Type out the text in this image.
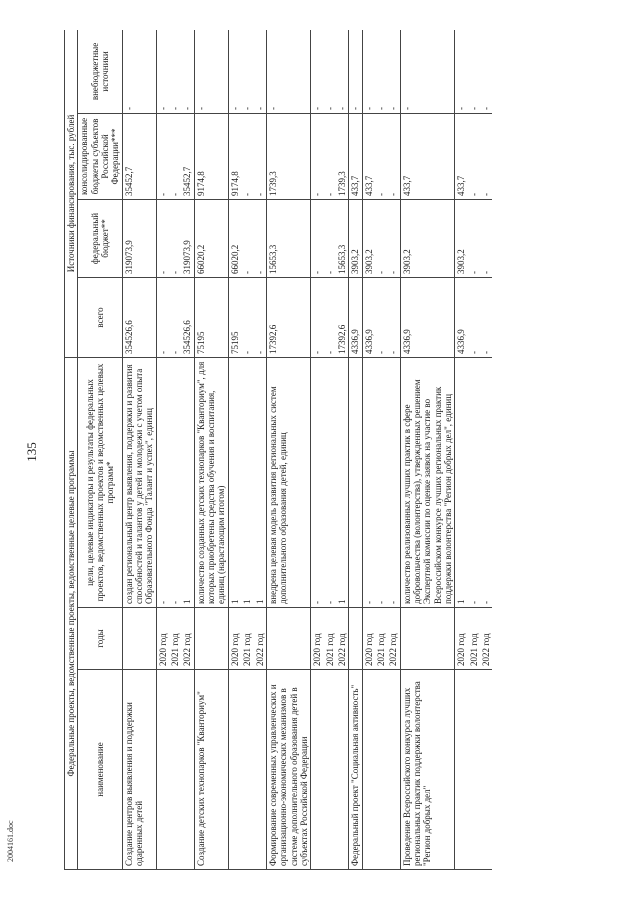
135
2004161.doc
Федеральные проекты, ведомственные проекты, ведомственные целевые программы			Источники финансирования, тыс. рублей			
наименование	годы	цели, целевые индикаторы и результаты федеральных проектов, ведомственных проектов и ведомственных целевых программ*	всего	федеральный бюджет**	консолидированные бюджеты субъектов Российской Федерации***	внебюджетные источники
Создание центров выявления и поддержки одаренных детей		создан региональный центр выявления, поддержки и развития способностей и талантов у детей и молодежи с учетом опыта Образовательного Фонда "Талант и успех", единиц	354526,6	319073,9	35452,7	-
	2020 год	-	-	-	-	-
	2021 год	-	-	-	-	-
	2022 год	1	354526,6	319073,9	35452,7	-
Создание детских технопарков "Кванториум"		количество созданных детских технопарков "Кванториум", для которых приобретены средства обучения и воспитания, единиц (нарастающим итогом)	75195	66020,2	9174,8	-
	2020 год	1	75195	66020,2	9174,8	-
	2021 год	1	-	-	-	-
	2022 год	1	-	-	-	-
Формирование современных управленческих и организационно-экономических механизмов в системе дополнительного образования детей в субъектах Российской Федерации		внедрена целевая модель развития региональных систем дополнительного образования детей, единиц	17392,6	15653,3	1739,3	-
	2020 год	-	-	-	-	-
	2021 год	-	-	-	-	-
	2022 год	1	17392,6	15653,3	1739,3	-
Федеральный проект "Социальная активность"			4336,9	3903,2	433,7	-
	2020 год	-	4336,9	3903,2	433,7	-
	2021 год	-	-	-	-	-
	2022 год	-	-	-	-	-
Проведение Всероссийского конкурса лучших региональных практик поддержки волонтерства "Регион добрых дел"		количество реализованных лучших практик в сфере добровольчества (волонтерства), утвержденных решением Экспертной комиссии по оценке заявок на участие во Всероссийском конкурсе лучших региональных практик поддержки волонтерства "Регион добрых дел", единиц	4336,9	3903,2	433,7	-
	2020 год	1	4336,9	3903,2	433,7	-
	2021 год	-	-	-	-	-
	2022 год	-	-	-	-	-
